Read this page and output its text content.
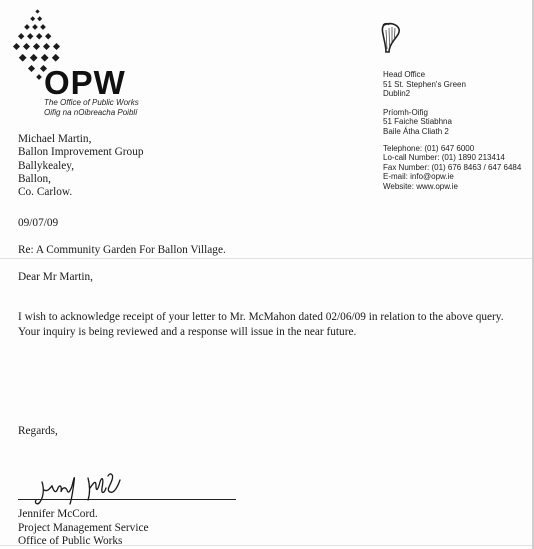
OPW
The Office of Public Works
Oifig na nOibreacha Poiblí
Head Office
51 St. Stephen's Green
Dublin2
Príomh-Oifig
51 Faiche Stiabhna
Baile Átha Cliath 2
Telephone: (01) 647 6000
Lo-call Number: (01) 1890 213414
Fax Number: (01) 676 8463 / 647 6484
E-mail: info@opw.ie
Website: www.opw.ie
Michael Martin,
Ballon Improvement Group
Ballykealey,
Ballon,
Co. Carlow.
09/07/09
Re: A Community Garden For Ballon Village.
Dear Mr Martin,
I wish to acknowledge receipt of your letter to Mr. McMahon dated 02/06/09 in relation to the above query. Your inquiry is being reviewed and a response will issue in the near future.
Regards,
Jennifer McCord.
Project Management Service
Office of Public Works
